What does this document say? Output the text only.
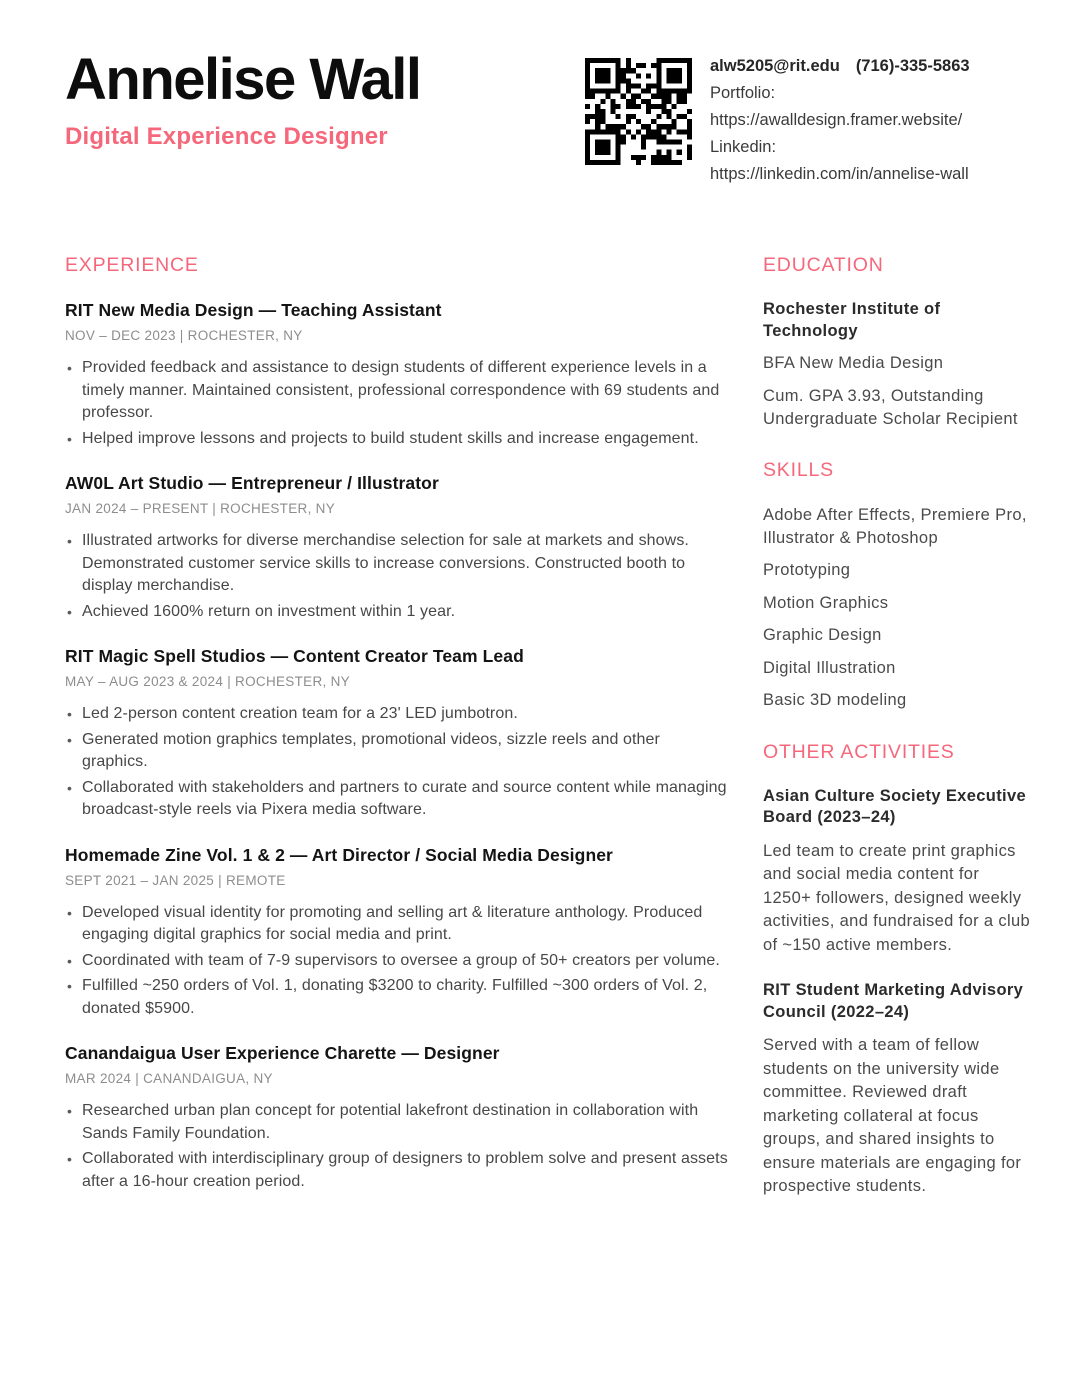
Annelise Wall
Digital Experience Designer
alw5205@rit.edu (716)-335-5863
Portfolio:
https://awalldesign.framer.website/
Linkedin:
https://linkedin.com/in/annelise-wall
EXPERIENCE
RIT New Media Design — Teaching Assistant
NOV – DEC 2023 | ROCHESTER, NY
• Provided feedback and assistance to design students of different experience levels in a timely manner. Maintained consistent, professional correspondence with 69 students and professor.
• Helped improve lessons and projects to build student skills and increase engagement.
AW0L Art Studio — Entrepreneur / Illustrator
JAN 2024 – PRESENT | ROCHESTER, NY
• Illustrated artworks for diverse merchandise selection for sale at markets and shows. Demonstrated customer service skills to increase conversions. Constructed booth to display merchandise.
• Achieved 1600% return on investment within 1 year.
RIT Magic Spell Studios — Content Creator Team Lead
MAY – AUG 2023 & 2024 | ROCHESTER, NY
• Led 2-person content creation team for a 23' LED jumbotron.
• Generated motion graphics templates, promotional videos, sizzle reels and other graphics.
• Collaborated with stakeholders and partners to curate and source content while managing broadcast-style reels via Pixera media software.
Homemade Zine Vol. 1 & 2 — Art Director / Social Media Designer
SEPT 2021 – JAN 2025 | REMOTE
• Developed visual identity for promoting and selling art & literature anthology. Produced engaging digital graphics for social media and print.
• Coordinated with team of 7-9 supervisors to oversee a group of 50+ creators per volume.
• Fulfilled ~250 orders of Vol. 1, donating $3200 to charity. Fulfilled ~300 orders of Vol. 2, donated $5900.
Canandaigua User Experience Charette — Designer
MAR 2024 | CANANDAIGUA, NY
• Researched urban plan concept for potential lakefront destination in collaboration with Sands Family Foundation.
• Collaborated with interdisciplinary group of designers to problem solve and present assets after a 16-hour creation period.
EDUCATION
Rochester Institute of Technology
BFA New Media Design
Cum. GPA 3.93, Outstanding Undergraduate Scholar Recipient
SKILLS
Adobe After Effects, Premiere Pro, Illustrator & Photoshop
Prototyping
Motion Graphics
Graphic Design
Digital Illustration
Basic 3D modeling
OTHER ACTIVITIES
Asian Culture Society Executive Board (2023–24)
Led team to create print graphics and social media content for 1250+ followers, designed weekly activities, and fundraised for a club of ~150 active members.
RIT Student Marketing Advisory Council (2022–24)
Served with a team of fellow students on the university wide committee. Reviewed draft marketing collateral at focus groups, and shared insights to ensure materials are engaging for prospective students.
